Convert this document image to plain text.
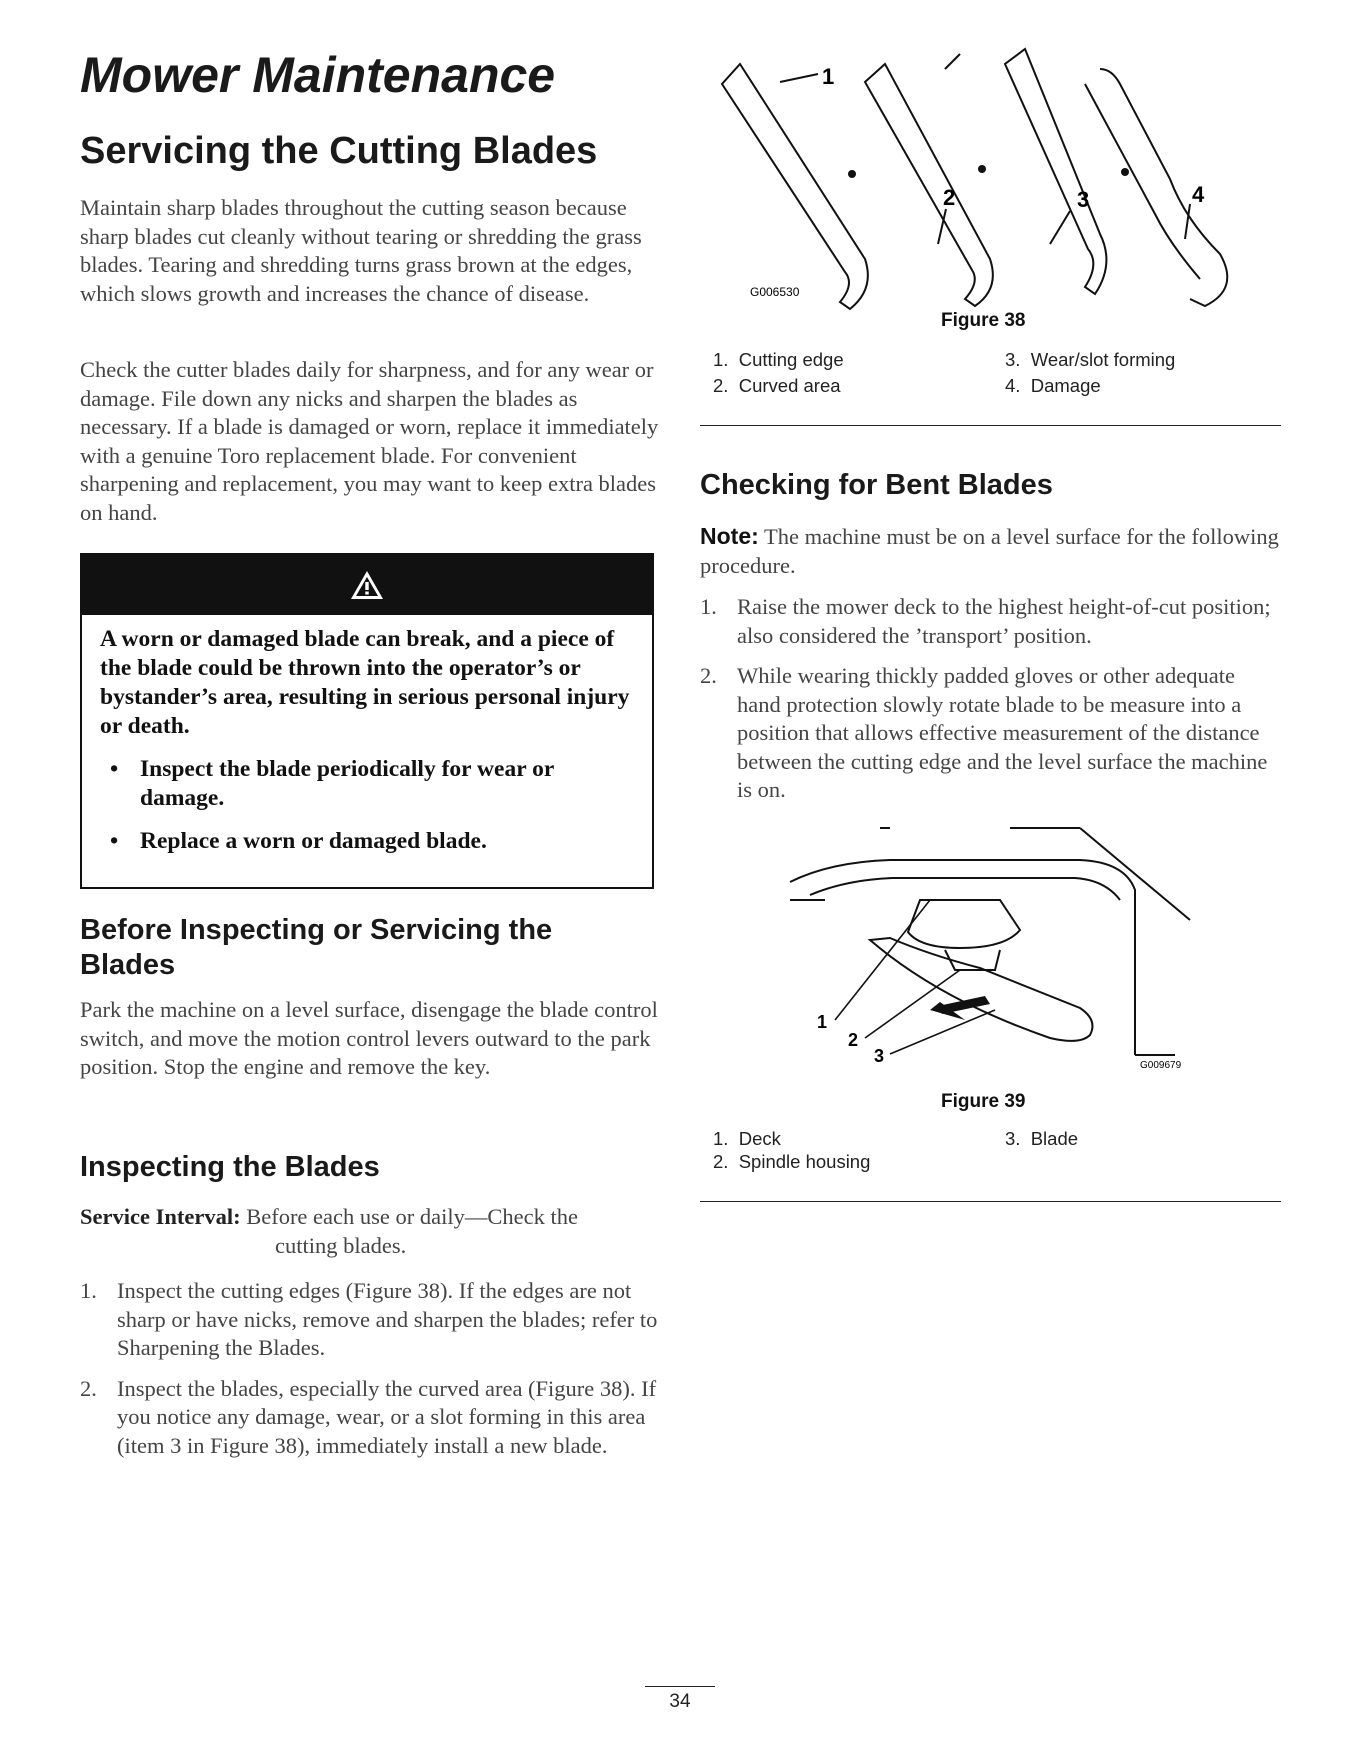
Mower Maintenance
Servicing the Cutting Blades

Maintain sharp blades throughout the cutting season because sharp blades cut cleanly without tearing or shredding the grass blades. Tearing and shredding turns grass brown at the edges, which slows growth and increases the chance of disease.

Check the cutter blades daily for sharpness, and for any wear or damage. File down any nicks and sharpen the blades as necessary. If a blade is damaged or worn, replace it immediately with a genuine Toro replacement blade. For convenient sharpening and replacement, you may want to keep extra blades on hand.

A worn or damaged blade can break, and a piece of the blade could be thrown into the operator’s or bystander’s area, resulting in serious personal injury or death.
• Inspect the blade periodically for wear or damage.
• Replace a worn or damaged blade.
Before Inspecting or Servicing the Blades

Park the machine on a level surface, disengage the blade control switch, and move the motion control levers outward to the park position. Stop the engine and remove the key.

Inspecting the Blades
Service Interval: Before each use or daily—Check the
cutting blades.
1. Inspect the cutting edges (Figure 38). If the edges are not sharp or have nicks, remove and sharpen the blades; refer to Sharpening the Blades.
2. Inspect the blades, especially the curved area (Figure 38). If you notice any damage, wear, or a slot forming in this area (item 3 in Figure 38), immediately install a new blade.
1
2	3	4
G006530
Figure 38
1. Cutting edge
2. Curved area
3. Wear/slot forming
4. Damage
Checking for Bent Blades

Note: The machine must be on a level surface for the following procedure.

1. Raise the mower deck to the highest height-of-cut position; also considered the ’transport’ position.
2. While wearing thickly padded gloves or other adequate hand protection slowly rotate blade to be measure into a position that allows effective measurement of the distance between the cutting edge and the level surface the machine is on.
1
2
3	G009679
Figure 39
1. Deck
2. Spindle housing
3. Blade
34
